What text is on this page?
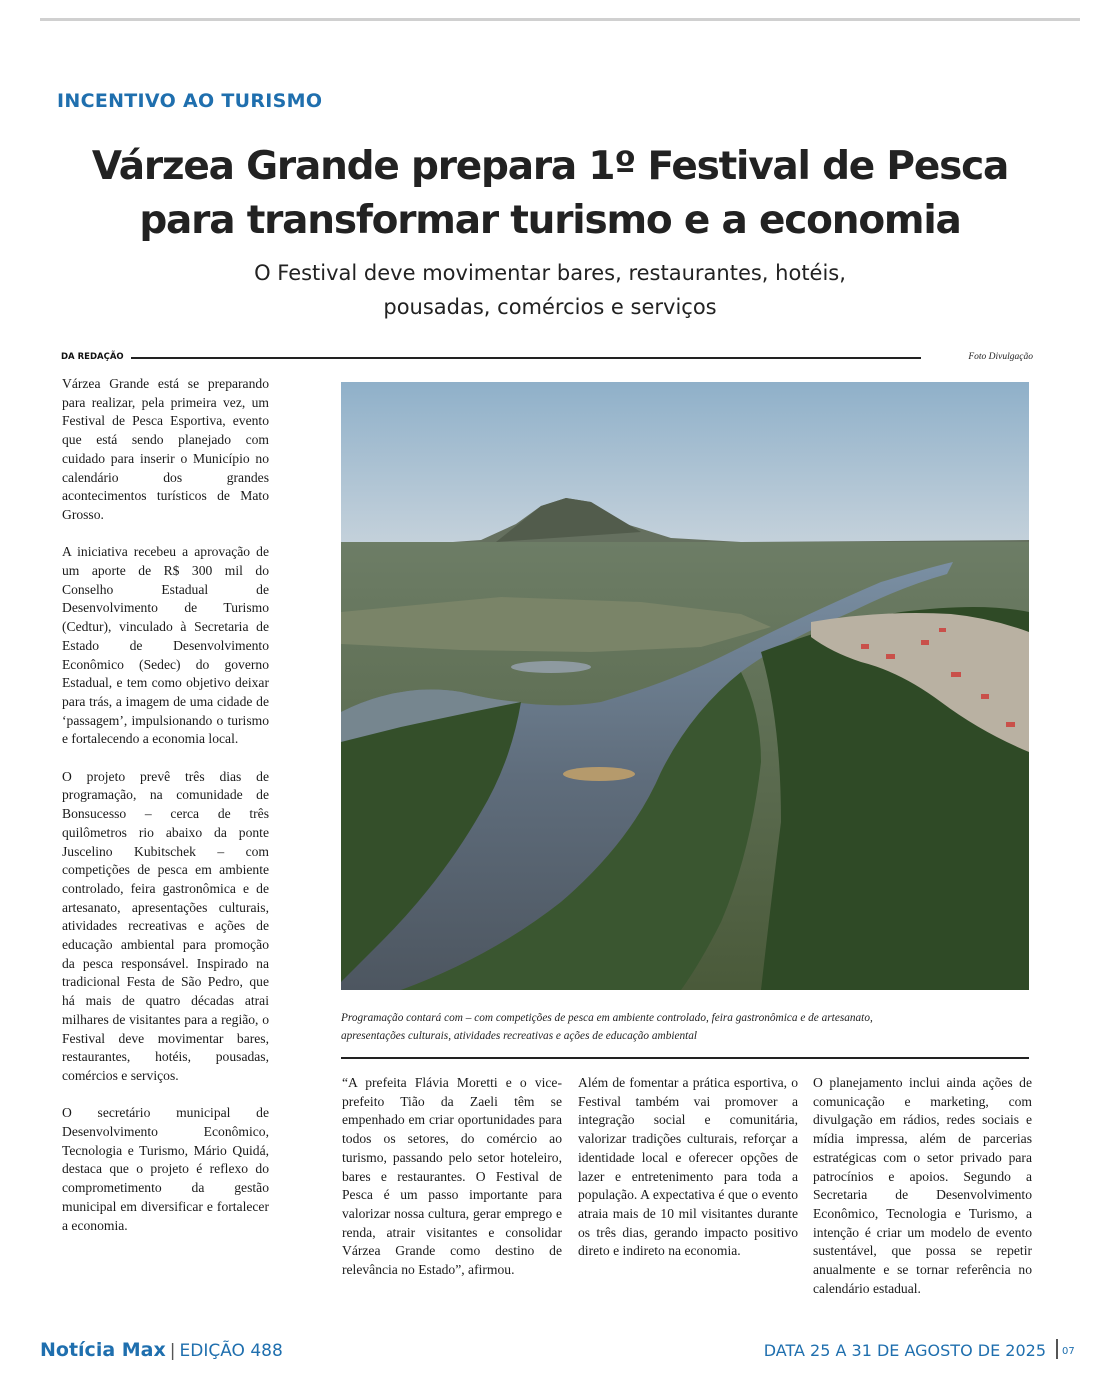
INCENTIVO AO TURISMO
Várzea Grande prepara 1º Festival de Pesca
para transformar turismo e a economia
O Festival deve movimentar bares, restaurantes, hotéis,
pousadas, comércios e serviços
DA REDAÇÃO	Foto Divulgação

Várzea Grande está se preparando para realizar, pela primeira vez, um Festival de Pesca Esportiva, evento que está sendo planejado com cuidado para inserir o Município no calendário dos grandes acontecimentos turísticos de Mato Grosso.

A iniciativa recebeu a aprovação de um aporte de R$ 300 mil do Conselho Estadual de Desenvolvimento de Turismo (Cedtur), vinculado à Secretaria de Estado de Desenvolvimento Econômico (Sedec) do governo Estadual, e tem como objetivo deixar para trás, a imagem de uma cidade de ‘passagem’, impulsionando o turismo e fortalecendo a economia local.

O projeto prevê três dias de programação, na comunidade de Bonsucesso – cerca de três quilômetros rio abaixo da ponte Juscelino Kubitschek – com competições de pesca em ambiente controlado, feira gastronômica e de artesanato, apresentações culturais, atividades recreativas e ações de educação ambiental para promoção da pesca responsável. Inspirado na tradicional Festa de São Pedro, que há mais de quatro décadas atrai milhares de visitantes para a região, o Festival deve movimentar bares, restaurantes, hotéis, pousadas, comércios e serviços.

O secretário municipal de Desenvolvimento Econômico, Tecnologia e Turismo, Mário Quidá, destaca que o projeto é reflexo do comprometimento da gestão municipal em diversificar e fortalecer a economia.

Programação contará com – com competições de pesca em ambiente controlado, feira gastronômica e de artesanato,
apresentações culturais, atividades recreativas e ações de educação ambiental

“A prefeita Flávia Moretti e o vice-prefeito Tião da Zaeli têm se empenhado em criar oportunidades para todos os setores, do comércio ao turismo, passando pelo setor hoteleiro, bares e restaurantes. O Festival de Pesca é um passo importante para valorizar nossa cultura, gerar emprego e renda, atrair visitantes e consolidar Várzea Grande como destino de relevância no Estado”, afirmou.

Além de fomentar a prática esportiva, o Festival também vai promover a integração social e comunitária, valorizar tradições culturais, reforçar a identidade local e oferecer opções de lazer e entretenimento para toda a população. A expectativa é que o evento atraia mais de 10 mil visitantes durante os três dias, gerando impacto positivo direto e indireto na economia.

O planejamento inclui ainda ações de comunicação e marketing, com divulgação em rádios, redes sociais e mídia impressa, além de parcerias estratégicas com o setor privado para patrocínios e apoios. Segundo a Secretaria de Desenvolvimento Econômico, Tecnologia e Turismo, a intenção é criar um modelo de evento sustentável, que possa se repetir anualmente e se tornar referência no calendário estadual.

Notícia Max | EDIÇÃO 488	DATA 25 A 31 DE AGOSTO DE 2025 07
